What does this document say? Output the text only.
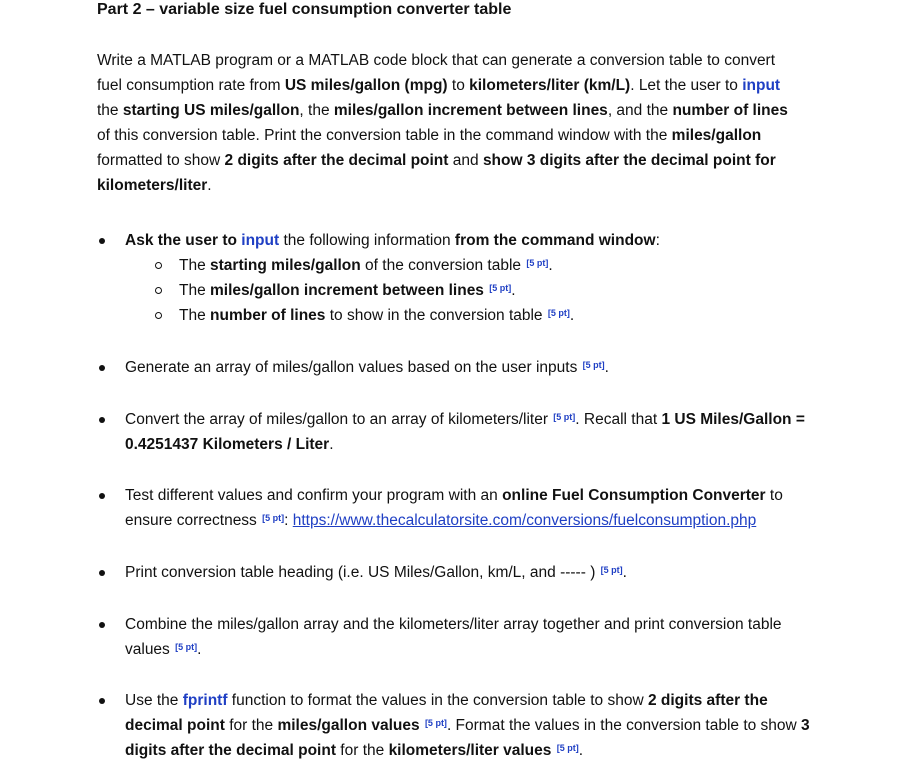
Part 2 – variable size fuel consumption converter table

Write a MATLAB program or a MATLAB code block that can generate a conversion table to convert fuel consumption rate from US miles/gallon (mpg) to kilometers/liter (km/L). Let the user to input the starting US miles/gallon, the miles/gallon increment between lines, and the number of lines of this conversion table. Print the conversion table in the command window with the miles/gallon formatted to show 2 digits after the decimal point and show 3 digits after the decimal point for kilometers/liter.

Ask the user to input the following information from the command window:
The starting miles/gallon of the conversion table [5 pt].
The miles/gallon increment between lines [5 pt].
The number of lines to show in the conversion table [5 pt].
Generate an array of miles/gallon values based on the user inputs [5 pt].
Convert the array of miles/gallon to an array of kilometers/liter [5 pt]. Recall that 1 US Miles/Gallon = 0.4251437 Kilometers / Liter.
Test different values and confirm your program with an online Fuel Consumption Converter to ensure correctness [5 pt]: https://www.thecalculatorsite.com/conversions/fuelconsumption.php
Print conversion table heading (i.e. US Miles/Gallon, km/L, and ----- ) [5 pt].
Combine the miles/gallon array and the kilometers/liter array together and print conversion table values [5 pt].
Use the fprintf function to format the values in the conversion table to show 2 digits after the decimal point for the miles/gallon values [5 pt]. Format the values in the conversion table to show 3 digits after the decimal point for the kilometers/liter values [5 pt].
